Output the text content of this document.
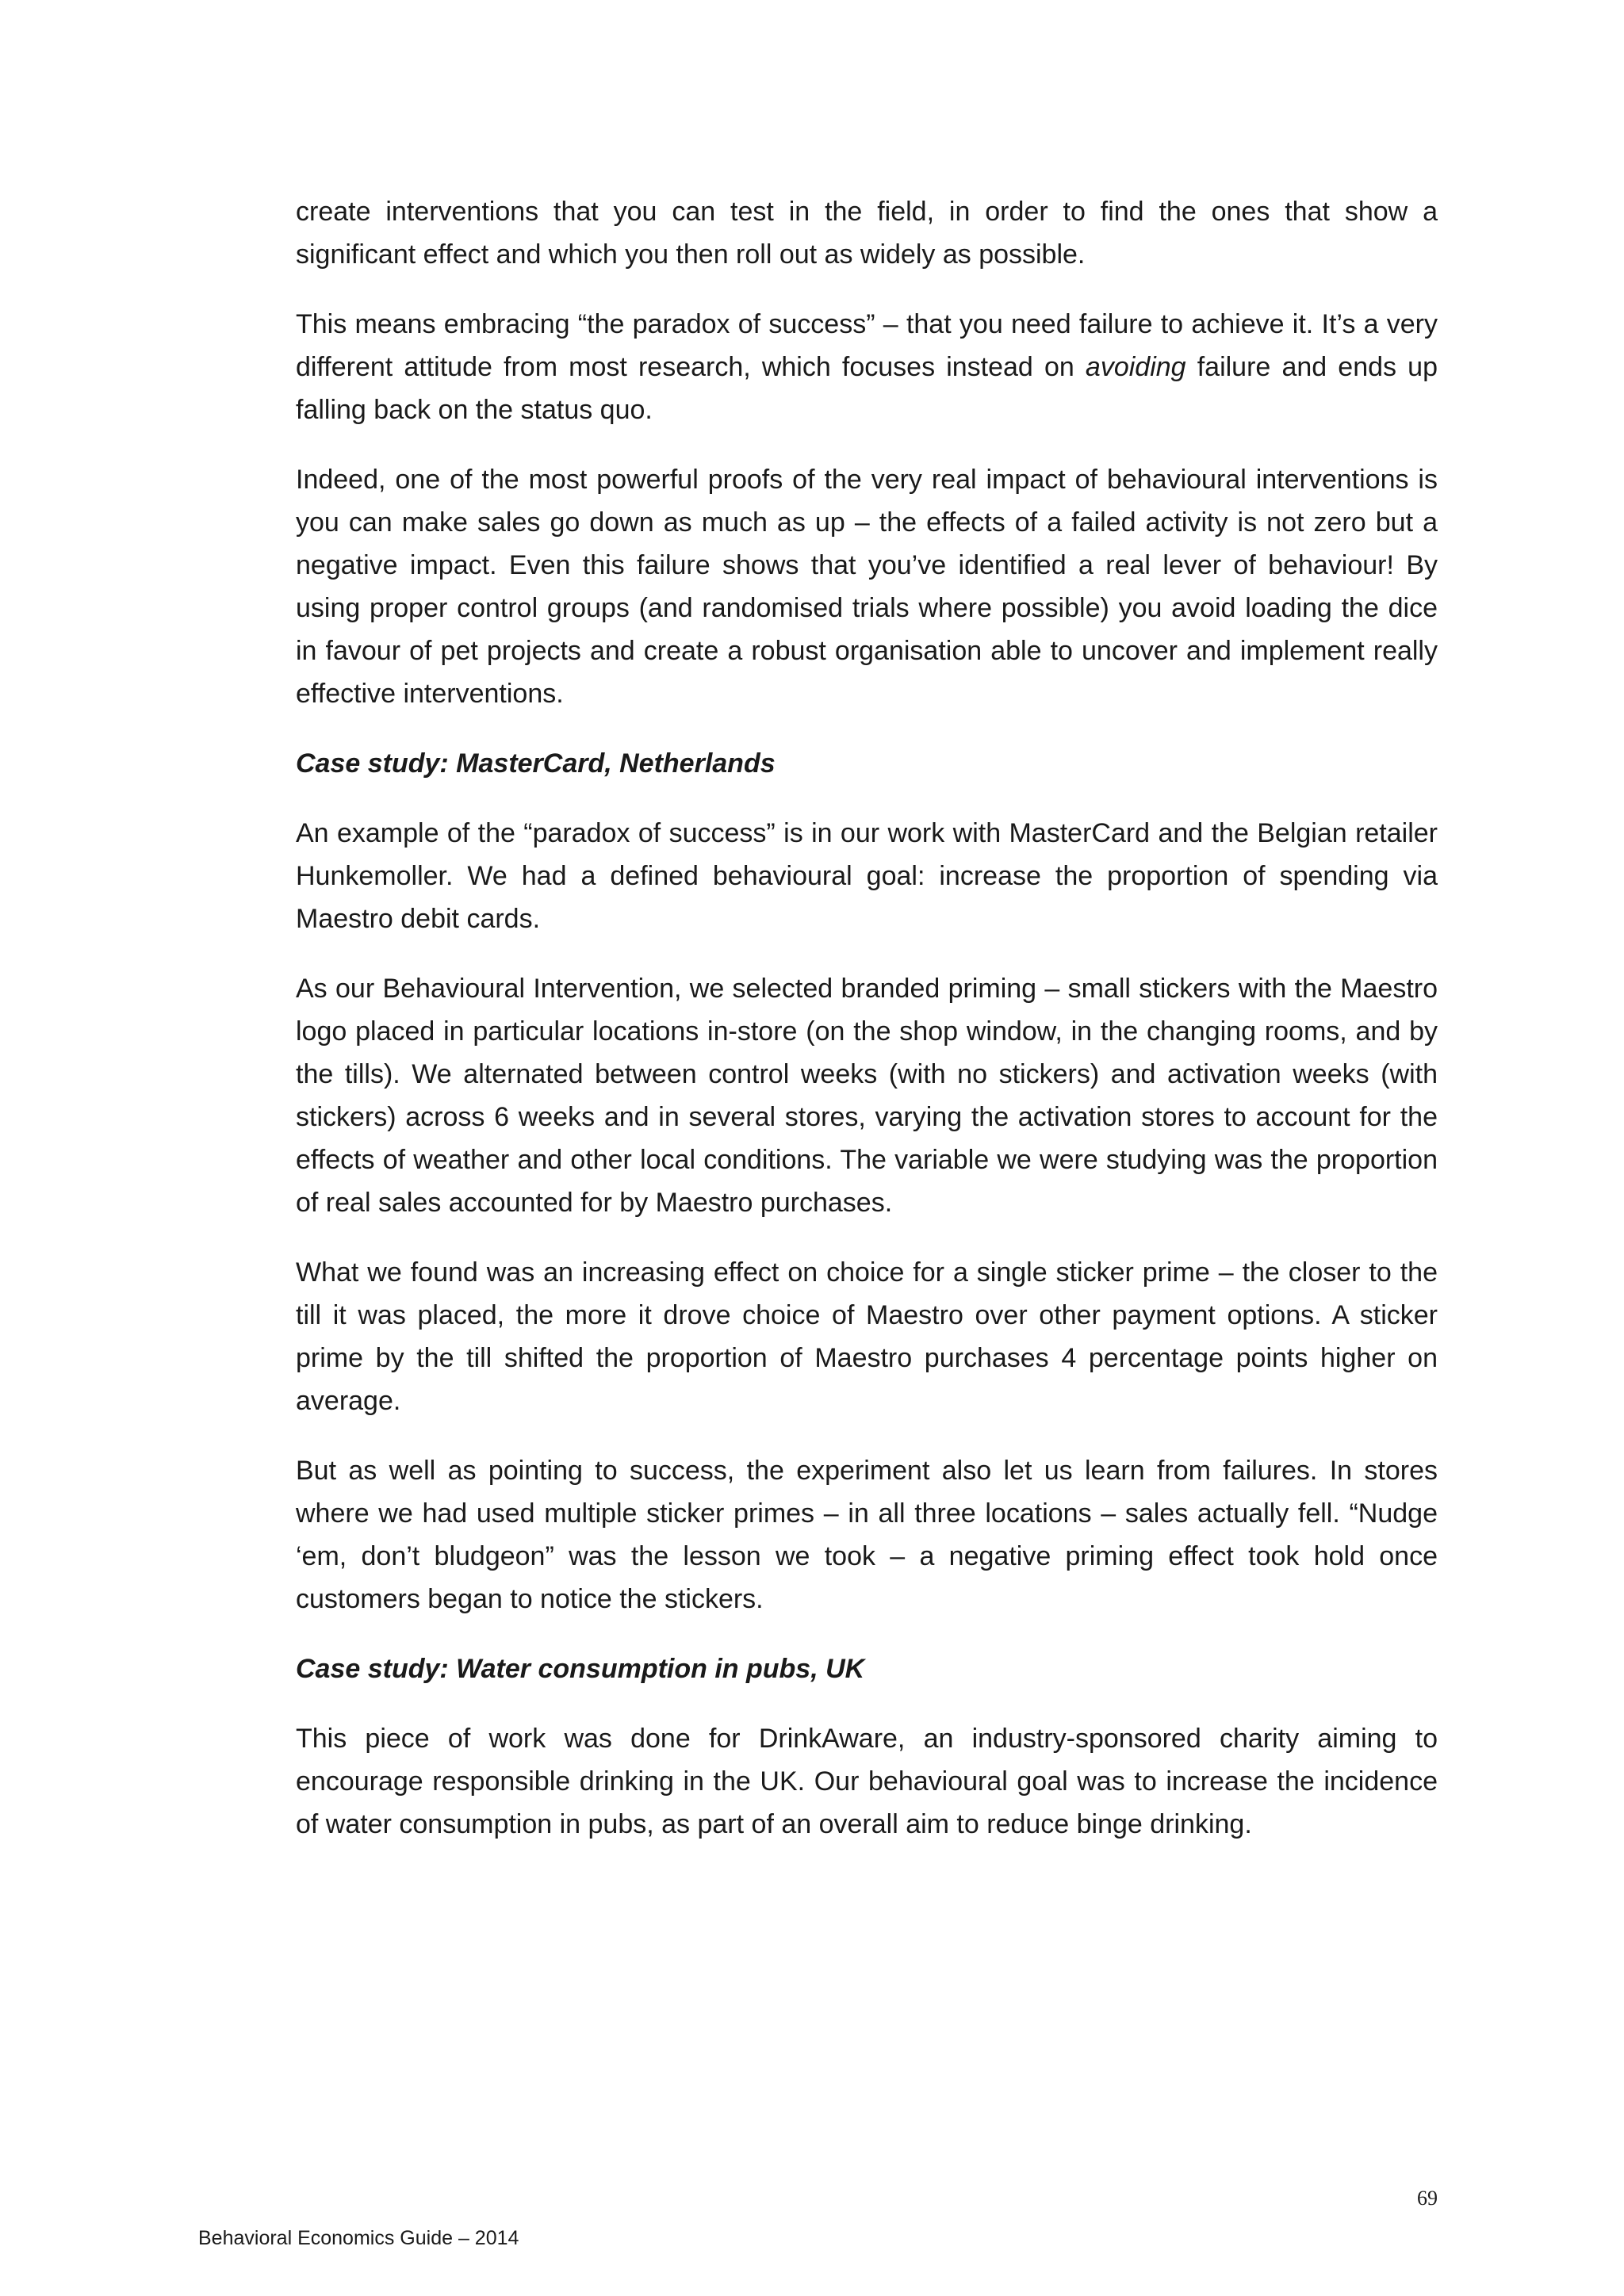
create interventions that you can test in the field, in order to find the ones that show a significant effect and which you then roll out as widely as possible.

This means embracing “the paradox of success” – that you need failure to achieve it. It’s a very different attitude from most research, which focuses instead on avoiding failure and ends up falling back on the status quo.

Indeed, one of the most powerful proofs of the very real impact of behavioural interventions is you can make sales go down as much as up – the effects of a failed activity is not zero but a negative impact. Even this failure shows that you’ve identified a real lever of behaviour! By using proper control groups (and randomised trials where possible) you avoid loading the dice in favour of pet projects and create a robust organisation able to uncover and implement really effective interventions.

Case study: MasterCard, Netherlands

An example of the “paradox of success” is in our work with MasterCard and the Belgian retailer Hunkemoller. We had a defined behavioural goal: increase the proportion of spending via Maestro debit cards.

As our Behavioural Intervention, we selected branded priming – small stickers with the Maestro logo placed in particular locations in-store (on the shop window, in the changing rooms, and by the tills). We alternated between control weeks (with no stickers) and activation weeks (with stickers) across 6 weeks and in several stores, varying the activation stores to account for the effects of weather and other local conditions. The variable we were studying was the proportion of real sales accounted for by Maestro purchases.

What we found was an increasing effect on choice for a single sticker prime – the closer to the till it was placed, the more it drove choice of Maestro over other payment options. A sticker prime by the till shifted the proportion of Maestro purchases 4 percentage points higher on average.

But as well as pointing to success, the experiment also let us learn from failures. In stores where we had used multiple sticker primes – in all three locations – sales actually fell. “Nudge ‘em, don’t bludgeon” was the lesson we took – a negative priming effect took hold once customers began to notice the stickers.

Case study: Water consumption in pubs, UK

This piece of work was done for DrinkAware, an industry-sponsored charity aiming to encourage responsible drinking in the UK. Our behavioural goal was to increase the incidence of water consumption in pubs, as part of an overall aim to reduce binge drinking.

69
Behavioral Economics Guide – 2014
